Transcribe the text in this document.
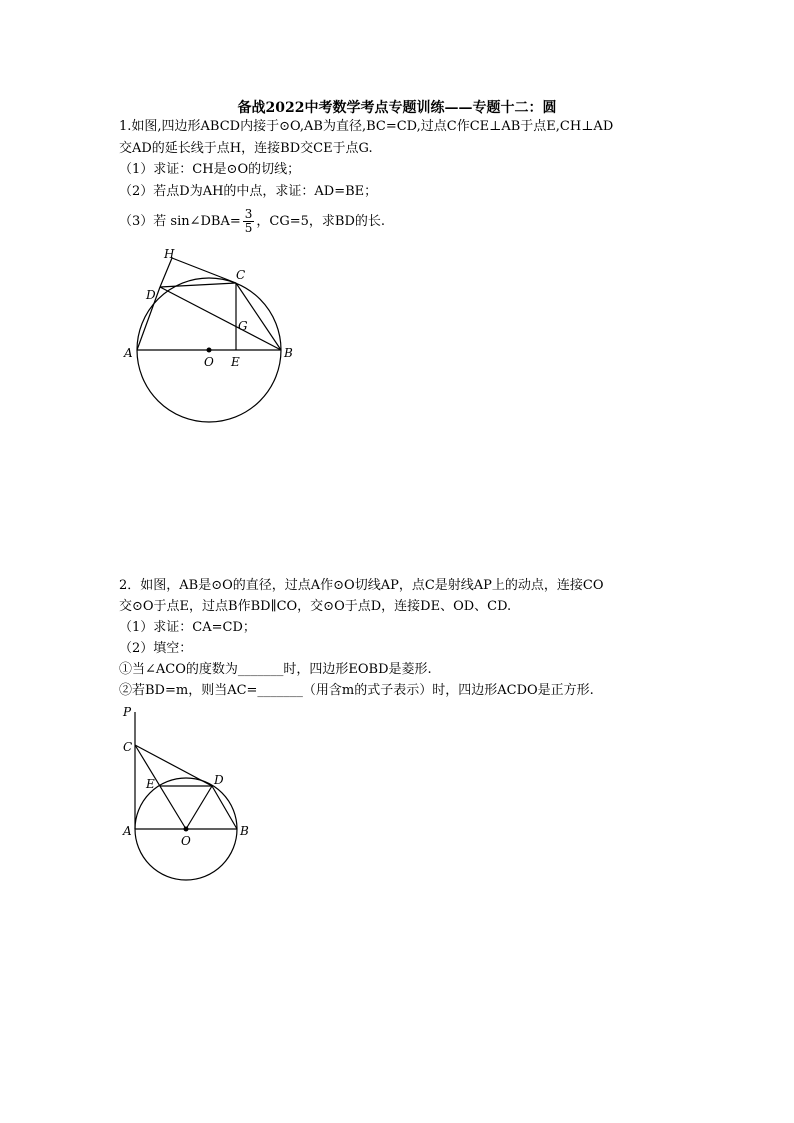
备战2022中考数学考点专题训练——专题十二：圆
1.如图,四边形ABCD内接于⊙O,AB为直径,BC=CD,过点C作CE⊥AB于点E,CH⊥AD
交AD的延长线于点H，连接BD交CE于点G.
（1）求证：CH是⊙O的切线；
（2）若点D为AH的中点，求证：AD=BE；
（3）若 sin∠DBA= $\frac{3}{5}$ ，CG=5，求BD的长.
H
C
D
G
A
O E
B
2．如图，AB是⊙O的直径，过点A作⊙O切线AP，点C是射线AP上的动点，连接CO
交⊙O于点E，过点B作BD∥CO，交⊙O于点D，连接DE、OD、CD.
（1）求证：CA=CD；
（2）填空：
①当∠ACO的度数为_______时，四边形EOBD是菱形.
②若BD=m，则当AC=_______（用含m的式子表示）时，四边形ACDO是正方形.
P
C
E	D
A
O
B
